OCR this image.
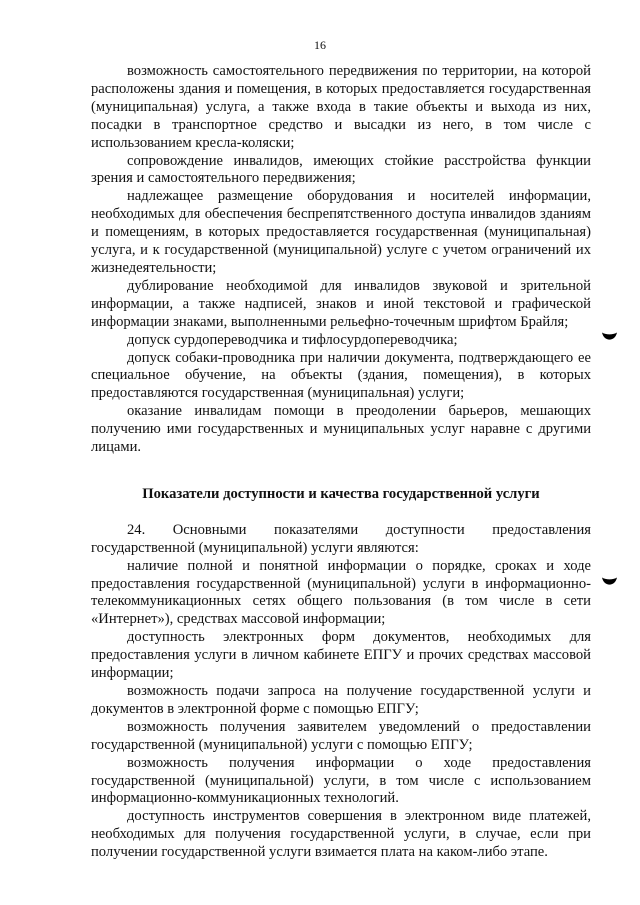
16

возможность самостоятельного передвижения по территории, на которой расположены здания и помещения, в которых предоставляется государственная (муниципальная) услуга, а также входа в такие объекты и выхода из них, посадки в транспортное средство и высадки из него, в том числе с использованием кресла-коляски;

сопровождение инвалидов, имеющих стойкие расстройства функции зрения и самостоятельного передвижения;

надлежащее размещение оборудования и носителей информации, необходимых для обеспечения беспрепятственного доступа инвалидов зданиям и помещениям, в которых предоставляется государственная (муниципальная) услуга, и к государственной (муниципальной) услуге с учетом ограничений их жизнедеятельности;

дублирование необходимой для инвалидов звуковой и зрительной информации, а также надписей, знаков и иной текстовой и графической информации знаками, выполненными рельефно-точечным шрифтом Брайля;

допуск сурдопереводчика и тифлосурдопереводчика;

допуск собаки-проводника при наличии документа, подтверждающего ее специальное обучение, на объекты (здания, помещения), в которых предоставляются государственная (муниципальная) услуги;

оказание инвалидам помощи в преодолении барьеров, мешающих получению ими государственных и муниципальных услуг наравне с другими лицами.

Показатели доступности и качества государственной услуги

24. Основными показателями доступности предоставления государственной (муниципальной) услуги являются:

наличие полной и понятной информации о порядке, сроках и ходе предоставления государственной (муниципальной) услуги в информационно-телекоммуникационных сетях общего пользования (в том числе в сети «Интернет»), средствах массовой информации;

доступность электронных форм документов, необходимых для предоставления услуги в личном кабинете ЕПГУ и прочих средствах массовой информации;

возможность подачи запроса на получение государственной услуги и документов в электронной форме с помощью ЕПГУ;

возможность получения заявителем уведомлений о предоставлении государственной (муниципальной) услуги с помощью ЕПГУ;

возможность получения информации о ходе предоставления государственной (муниципальной) услуги, в том числе с использованием информационно-коммуникационных технологий.

доступность инструментов совершения в электронном виде платежей, необходимых для получения государственной услуги, в случае, если при получении государственной услуги взимается плата на каком-либо этапе.
